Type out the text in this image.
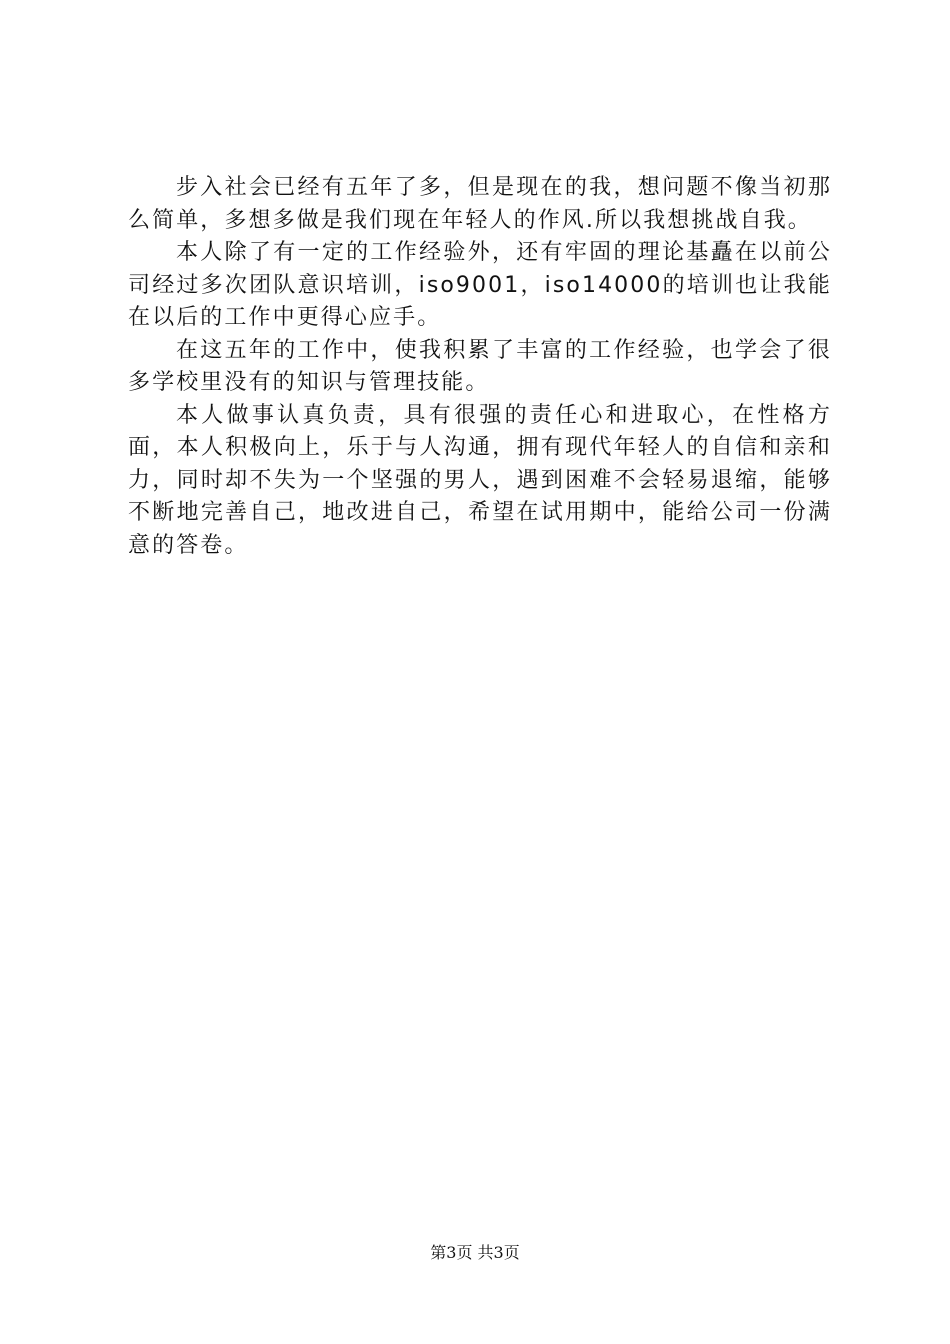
步入社会已经有五年了多，但是现在的我，想问题不像当初那么简单，多想多做是我们现在年轻人的作风.所以我想挑战自我。

本人除了有一定的工作经验外，还有牢固的理论基矗在以前公司经过多次团队意识培训，iso9001，iso14000的培训也让我能在以后的工作中更得心应手。

在这五年的工作中，使我积累了丰富的工作经验，也学会了很多学校里没有的知识与管理技能。

本人做事认真负责，具有很强的责任心和进取心，在性格方面，本人积极向上，乐于与人沟通，拥有现代年轻人的自信和亲和力，同时却不失为一个坚强的男人，遇到困难不会轻易退缩，能够不断地完善自己，地改进自己，希望在试用期中，能给公司一份满意的答卷。

第3页 共3页
